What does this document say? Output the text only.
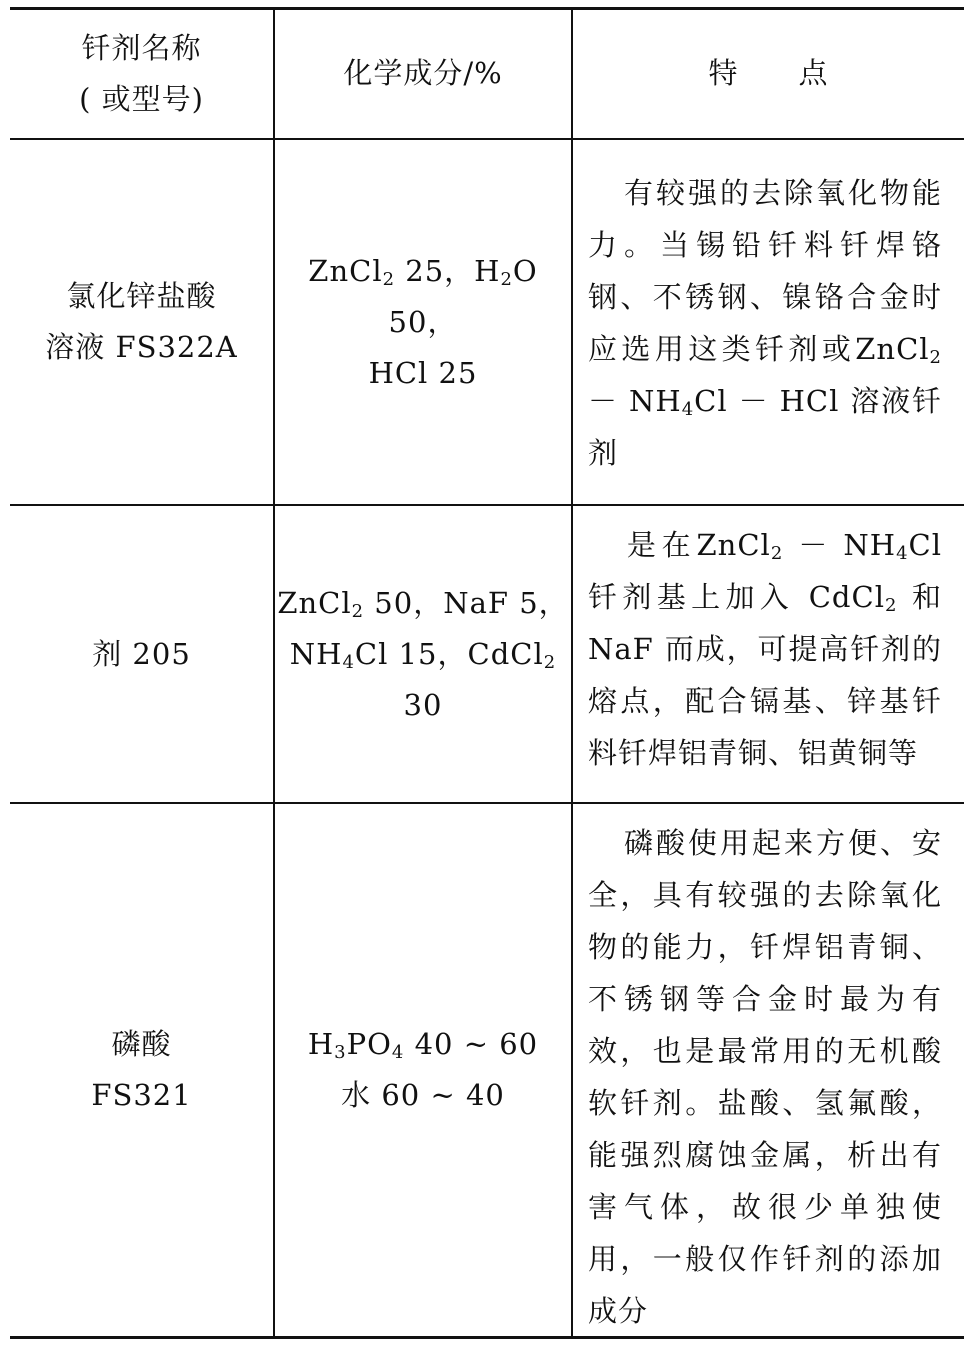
钎剂名称
( 或型号)
化学成分/%	特　　点
氯化锌盐酸
溶液 FS322A
ZnCl$_2$ 25，$H_2O$ 50，
HCl 25
有较强的去除氧化物能力。当锡铅钎料钎焊铬钢、不锈钢、镍铬合金时应选用这类钎剂或ZnCl$_2$ － $NH_4Cl$ － HCl 溶液钎剂
剂 205
ZnCl$_2$ 50，NaF 5，
$NH_4Cl$ 15，CdCl$_2$ 30
是在ZnCl$_2$ － $NH_4Cl$ 钎剂基上加入 CdCl$_2$ 和NaF 而成，可提高钎剂的熔点，配合镉基、锌基钎料钎焊铝青铜、铝黄铜等
磷酸
FS321
$H_3PO_4$ 40 ~ 60
水 60 ~ 40
磷酸使用起来方便、安全，具有较强的去除氧化物的能力，钎焊铝青铜、不锈钢等合金时最为有效，也是最常用的无机酸软钎剂。盐酸、氢氟酸，能强烈腐蚀金属，析出有害气体，故很少单独使用，一般仅作钎剂的添加成分
